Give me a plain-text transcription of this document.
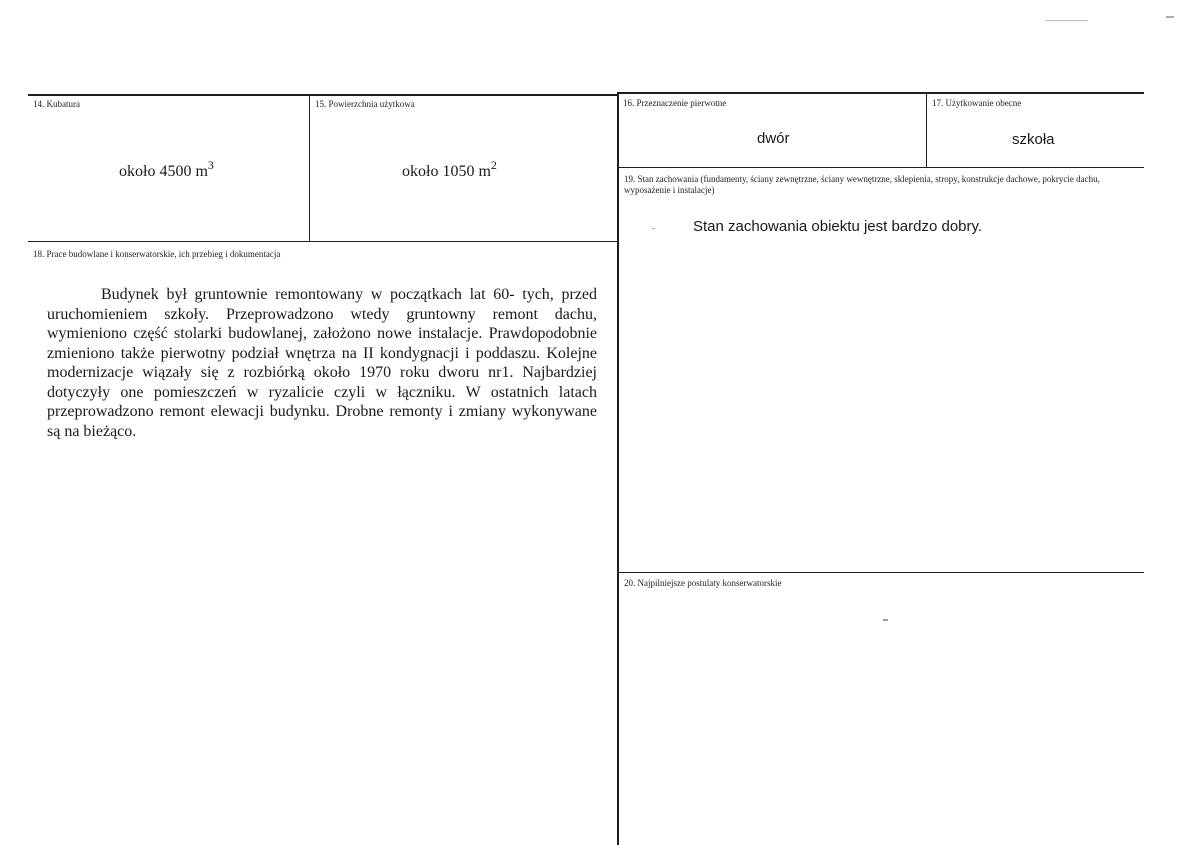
14. Kubatura
około 4500 $m^3$
15. Powierzchnia użytkowa
około 1050 $m^2$
16. Przeznaczenie pierwotne
dwór
17. Użytkowanie obecne
szkoła
19. Stan zachowania (fundamenty, ściany zewnętrzne, ściany wewnętrzne, sklepienia, stropy, konstrukcje dachowe, pokrycie dachu, wyposażenie i instalacje)
Stan zachowania obiektu jest bardzo dobry.
18. Prace budowlane i konserwatorskie, ich przebieg i dokumentacja
Budynek był gruntownie remontowany w początkach lat 60- tych, przed uruchomieniem szkoły. Przeprowadzono wtedy gruntowny remont dachu, wymieniono część stolarki budowlanej, założono nowe instalacje. Prawdopodobnie zmieniono także pierwotny podział wnętrza na II kondygnacji i poddaszu. Kolejne modernizacje wiązały się z rozbiórką około 1970 roku dworu nr1. Najbardziej dotyczyły one pomieszczeń w ryzalicie czyli w łączniku. W ostatnich latach przeprowadzono remont elewacji budynku. Drobne remonty i zmiany wykonywane są na bieżąco.
20. Najpilniejsze postulaty konserwatorskie
